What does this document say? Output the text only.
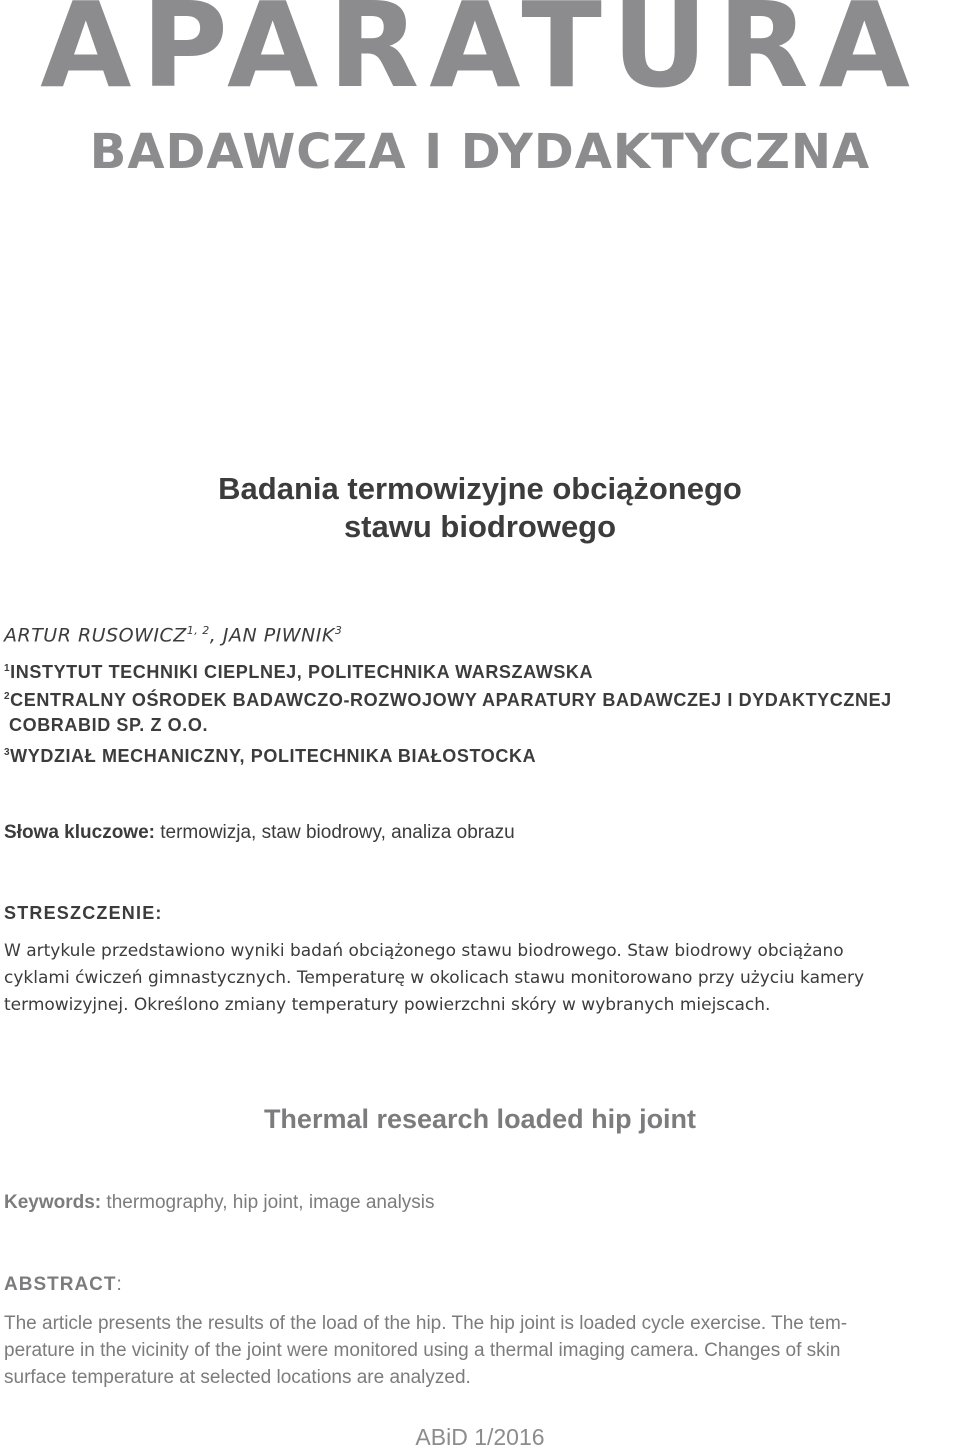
APARATURA
BADAWCZA I DYDAKTYCZNA
Badania termowizyjne obciążonego
stawu biodrowego
ARTUR RUSOWICZ$^{1, 2}$, JAN PIWNIK$^3$
$^1$INSTYTUT TECHNIKI CIEPLNEJ, POLITECHNIKA WARSZAWSKA
$^2$CENTRALNY OŚRODEK BADAWCZO-ROZWOJOWY APARATURY BADAWCZEJ I DYDAKTYCZNEJ
COBRABID SP. Z O.O.
$^3$WYDZIAŁ MECHANICZNY, POLITECHNIKA BIAŁOSTOCKA
Słowa kluczowe: termowizja, staw biodrowy, analiza obrazu
STRESZCZENIE:
W artykule przedstawiono wyniki badań obciążonego stawu biodrowego. Staw biodrowy obciążano
cyklami ćwiczeń gimnastycznych. Temperaturę w okolicach stawu monitorowano przy użyciu kamery
termowizyjnej. Określono zmiany temperatury powierzchni skóry w wybranych miejscach.
Thermal research loaded hip joint
Keywords: thermography, hip joint, image analysis
ABSTRACT:
The article presents the results of the load of the hip. The hip joint is loaded cycle exercise. The tem-
perature in the vicinity of the joint were monitored using a thermal imaging camera. Changes of skin
surface temperature at selected locations are analyzed.
ABiD 1/2016
